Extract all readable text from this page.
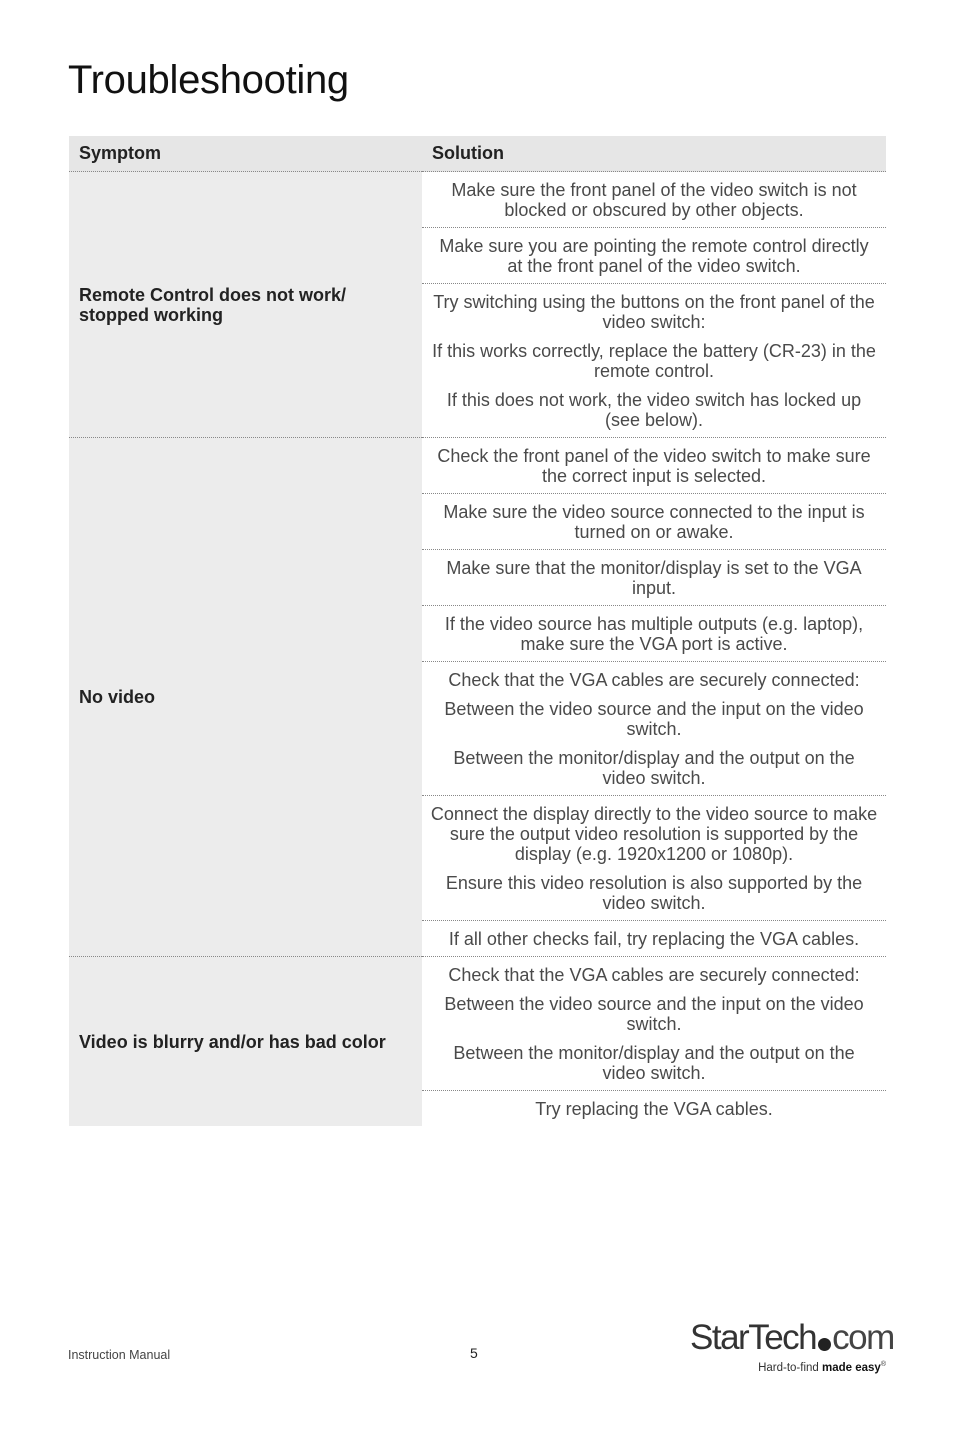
Troubleshooting
Symptom	Solution
Remote Control does not work/ stopped working	Make sure the front panel of the video switch is not blocked or obscured by other objects.

	Make sure you are pointing the remote control directly at the front panel of the video switch.

	Try switching using the buttons on the front panel of the video switch:

If this works correctly, replace the battery (CR-23) in the remote control.

If this does not work, the video switch has locked up (see below).

No video	Check the front panel of the video switch to make sure the correct input is selected.

	Make sure the video source connected to the input is turned on or awake.

	Make sure that the monitor/display is set to the VGA input.

	If the video source has multiple outputs (e.g. laptop), make sure the VGA port is active.

	Check that the VGA cables are securely connected:

Between the video source and the input on the video switch.

Between the monitor/display and the output on the video switch.

	Connect the display directly to the video source to make sure the output video resolution is supported by the display (e.g. 1920x1200 or 1080p).

Ensure this video resolution is also supported by the video switch.

	If all other checks fail, try replacing the VGA cables.

Video is blurry and/or has bad color	Check that the VGA cables are securely connected:

Between the video source and the input on the video switch.

Between the monitor/display and the output on the video switch.

	Try replacing the VGA cables.

Instruction Manual	5	StarTech com
Hard-to-find made easy®
